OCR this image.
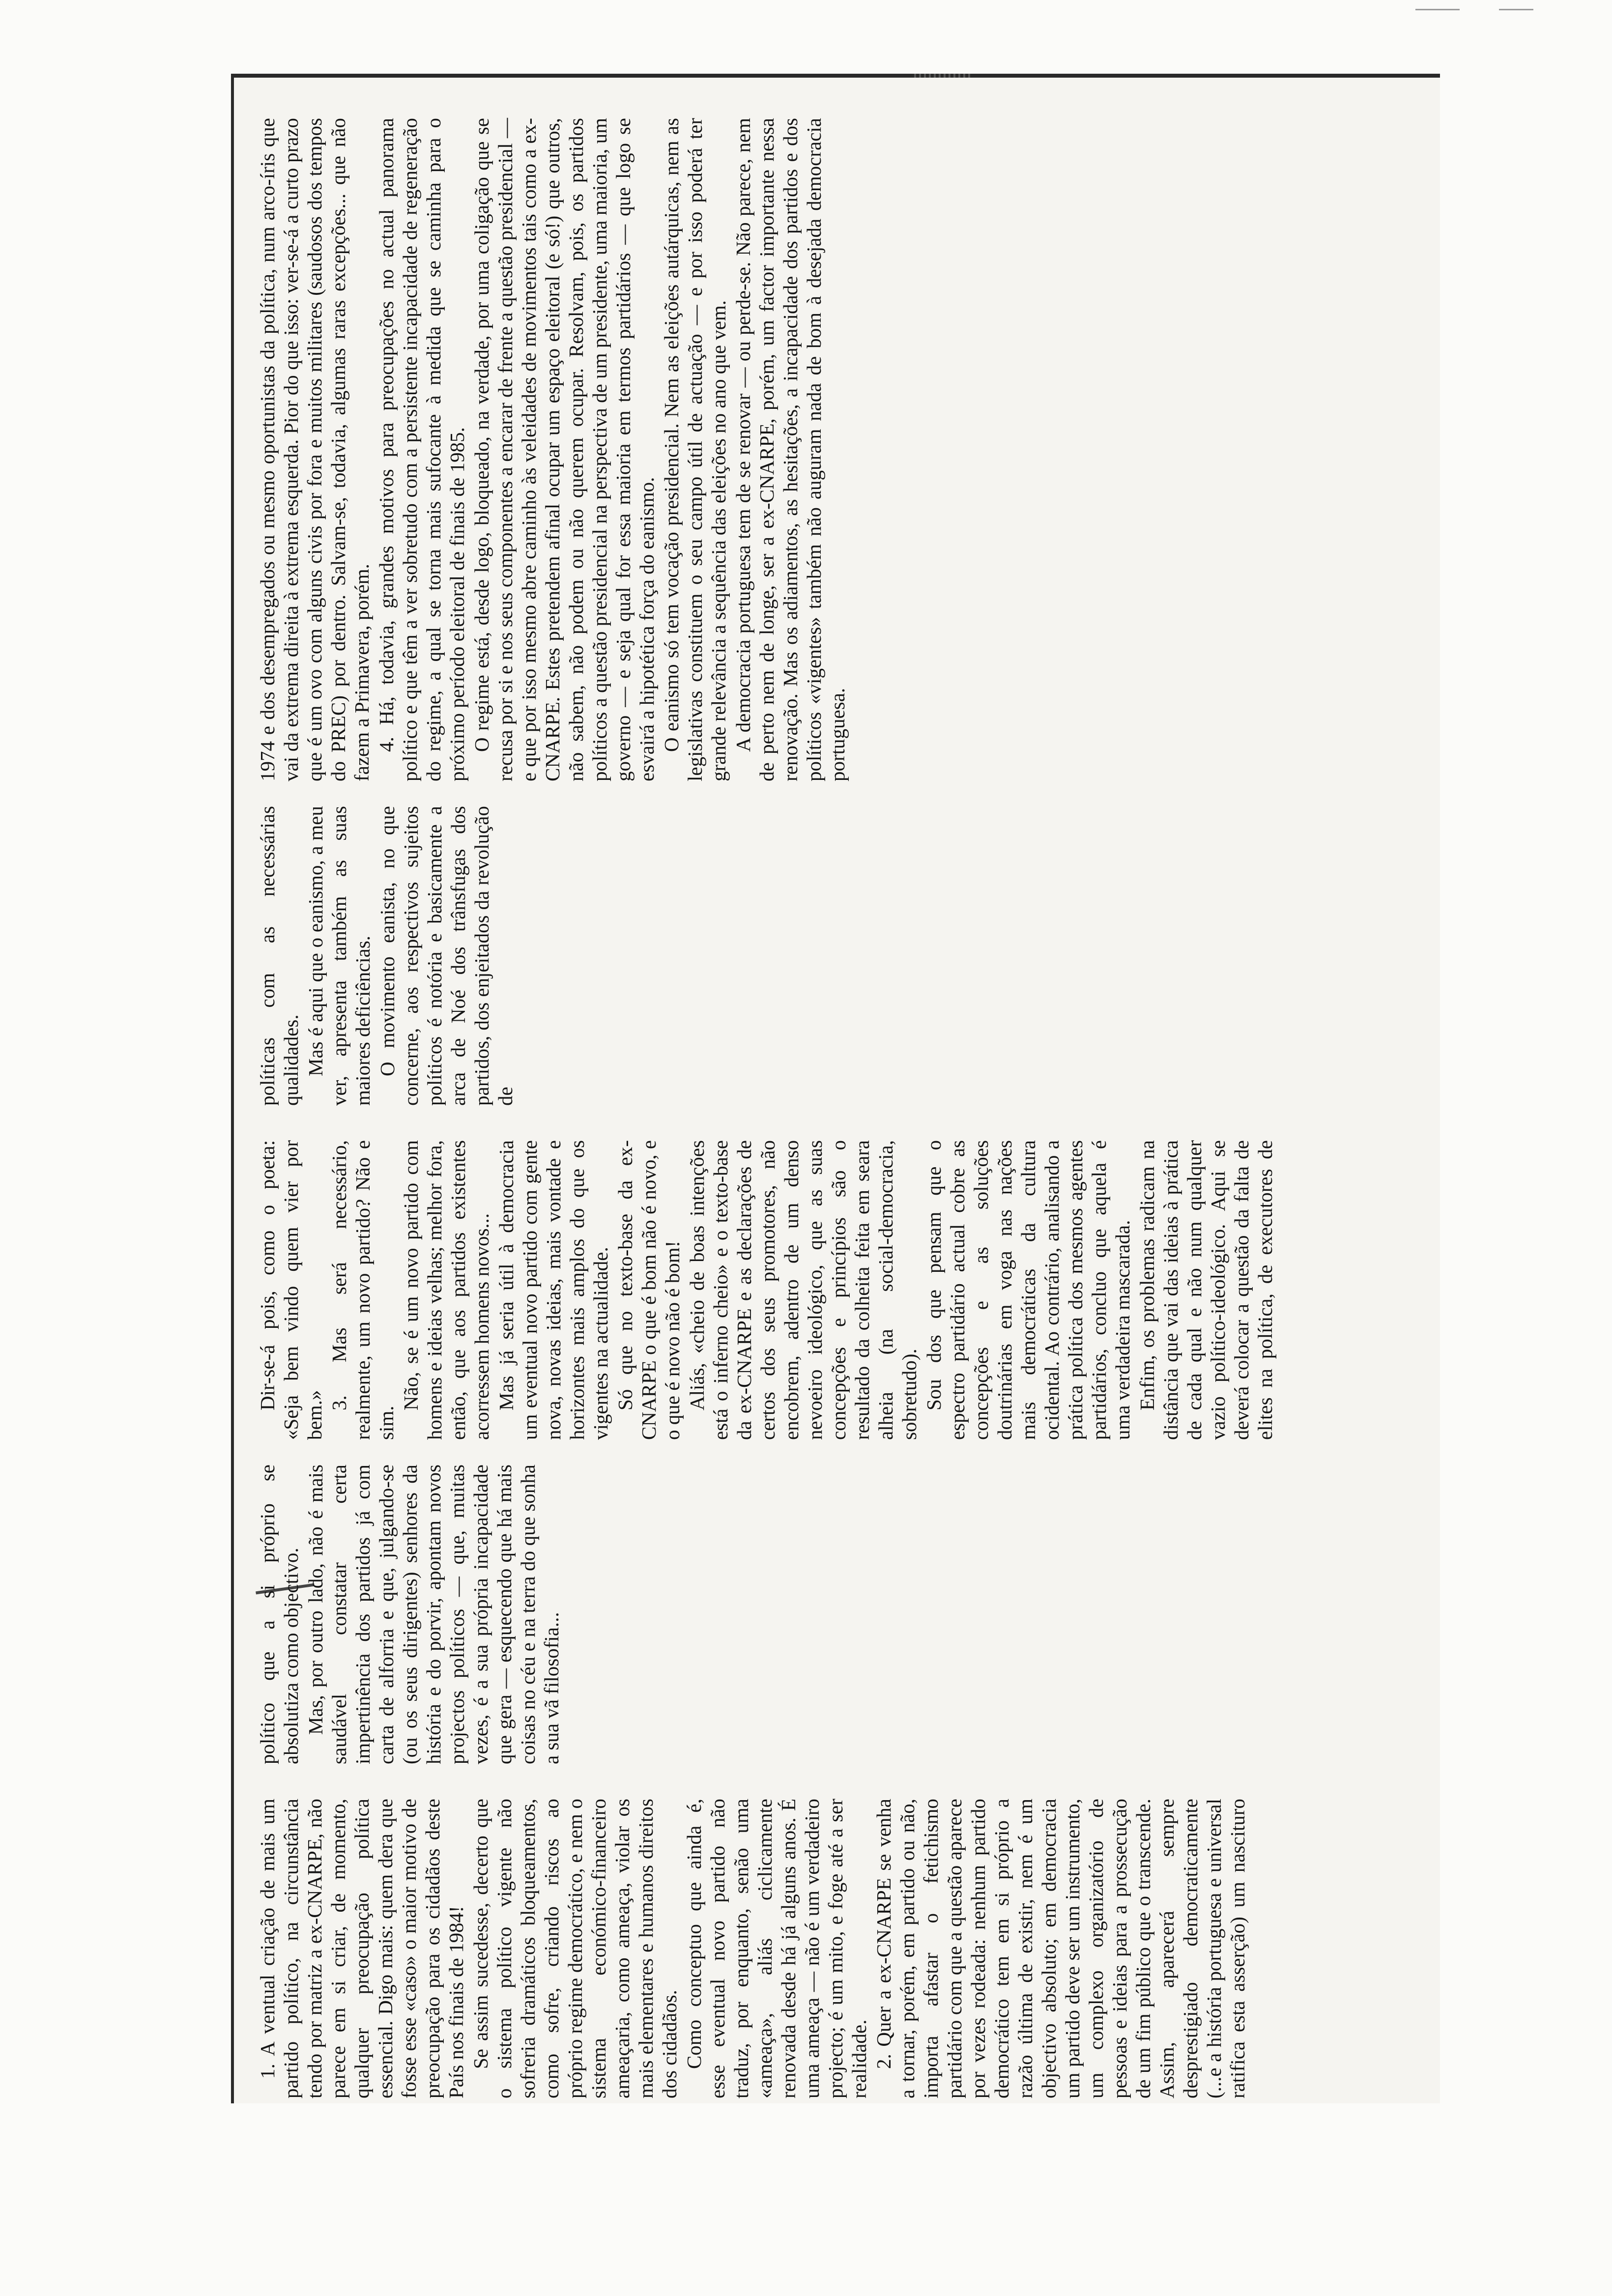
1. A ventual criação de mais um partido político, na circunstância tendo por matriz a ex-CNARPE, não parece em si criar, de momento, qualquer preocupação política essencial. Digo mais: quem dera que fosse esse «caso» o maior motivo de preocupação para os cidadãos deste País nos finais de 1984! Se assim sucedesse, decerto que o sistema político vigente não sofreria dramáticos bloqueamentos, como sofre, criando riscos ao próprio regime democrático, e nem o sistema económico-financeiro ameaçaria, como ameaça, violar os mais elementares e humanos direitos dos cidadãos. Como conceptuo que ainda é, esse eventual novo partido não traduz, por enquanto, senão uma «ameaça», aliás ciclicamente renovada desde há já alguns anos. É uma ameaça — não é um verdadeiro projecto; é um mito, e foge até a ser realidade. 2. Quer a ex-CNARPE se venha a tornar, porém, em partido ou não, importa afastar o fetichismo partidário com que a questão aparece por vezes rodeada: nenhum partido democrático tem em si próprio a razão última de existir, nem é um objectivo absoluto; em democracia um partido deve ser um instrumento, um complexo organizatório de pessoas e ideias para a prossecução de um fim público que o transcende. Assim, aparecerá sempre desprestigiado democraticamente (...e a história portuguesa e universal ratifica esta asserção) um nascituro político que a si próprio se absolutiza como objectivo. Mas, por outro lado, não é mais saudável constatar certa impertinência dos partidos já com carta de alforria e que, julgando-se (ou os seus dirigentes) senhores da história e do porvir, apontam novos projectos políticos — que, muitas vezes, é a sua própria incapacidade que gera — esquecendo que há mais coisas no céu e na terra do que sonha a sua vã filosofia...

Dir-se-á pois, como o poeta: «Seja bem vindo quem vier por bem.»

3. Mas será necessário, realmente, um novo partido? Não e sim.

Não, se é um novo partido com homens e ideias velhas; melhor fora, então, que aos partidos existentes acorressem homens novos... Mas já seria útil à democracia um eventual novo partido com gente nova, novas ideias, mais vontade e horizontes mais amplos do que os vigentes na actualidade. Só que no texto-base da ex-CNARPE o que é bom não é novo, e o que é novo não é bom! Aliás, «cheio de boas intenções está o inferno cheio» e o texto-base da ex-CNARPE e as declarações de certos dos seus promotores, não encobrem, adentro de um denso nevoeiro ideológico, que as suas concepções e princípios são o resultado da colheita feita em seara alheia (na social-democracia, sobretudo). Sou dos que pensam que o espectro partidário actual cobre as concepções e as soluções doutrinárias em voga nas nações mais democráticas da cultura ocidental. Ao contrário, analisando a prática política dos mesmos agentes partidários, concluo que aquela é uma verdadeira mascarada. Enfim, os problemas radicam na distância que vai das ideias à prática de cada qual e não num qualquer vazio político-ideológico. Aqui se deverá colocar a questão da falta de elites na política, de executores de políticas com as necessárias qualidades. Mas é aqui que o eanismo, a meu ver, apresenta também as suas maiores deficiências. O movimento eanista, no que concerne, aos respectivos sujeitos políticos é notória e basicamente a arca de Noé dos trânsfugas dos partidos, dos enjeitados da revolução de

1974 e dos desempregados ou mesmo oportunistas da política, num arco-íris que vai da extrema direita à extrema esquerda. Pior do que isso: ver-se-á a curto prazo que é um ovo com alguns civis por fora e muitos militares (saudosos dos tempos do PREC) por dentro. Salvam-se, todavia, algumas raras excepções... que não fazem a Primavera, porém. 4. Há, todavia, grandes motivos para preocupações no actual panorama político e que têm a ver sobretudo com a persistente incapacidade de regeneração do regime, a qual se torna mais sufocante à medida que se caminha para o próximo período eleitoral de finais de 1985. O regime está, desde logo, bloqueado, na verdade, por uma coligação que se recusa por si e nos seus componentes a encarar de frente a questão presidencial — e que por isso mesmo abre caminho às veleidades de movimentos tais como a ex-CNARPE. Estes pretendem afinal ocupar um espaço eleitoral (e só!) que outros, não sabem, não podem ou não querem ocupar. Resolvam, pois, os partidos políticos a questão presidencial na perspectiva de um presidente, uma maioria, um governo — e seja qual for essa maioria em termos partidários — que logo se esvairá a hipotética força do eanismo. O eanismo só tem vocação presidencial. Nem as eleições autárquicas, nem as legislativas constituem o seu campo útil de actuação — e por isso poderá ter grande relevância a sequência das eleições no ano que vem. A democracia portuguesa tem de se renovar — ou perde-se. Não parece, nem de perto nem de longe, ser a ex-CNARPE, porém, um factor importante nessa renovação. Mas os adiamentos, as hesitações, a incapacidade dos partidos e dos políticos «vigentes» também não auguram nada de bom à desejada democracia portuguesa.
